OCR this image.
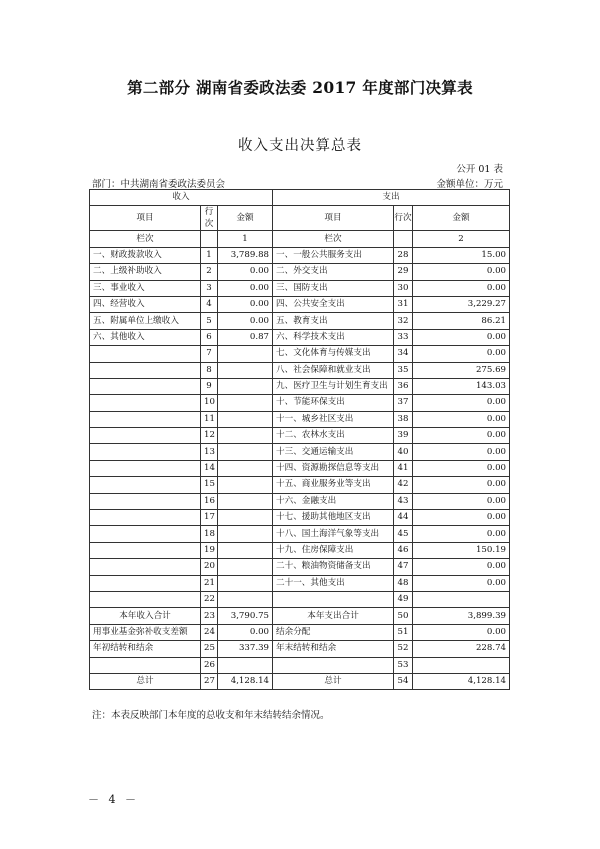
第二部分 湖南省委政法委 2017 年度部门决算表
收入支出决算总表
公开 01 表
部门：中共湖南省委政法委员会	金额单位：万元
收入			支出		
项目	行次	金额	项目	行次	金额
栏次		1	栏次		2
一、财政拨款收入	1	3,789.88	一、一般公共服务支出	28	15.00
二、上级补助收入	2	0.00	二、外交支出	29	0.00
三、事业收入	3	0.00	三、国防支出	30	0.00
四、经营收入	4	0.00	四、公共安全支出	31	3,229.27
五、附属单位上缴收入	5	0.00	五、教育支出	32	86.21
六、其他收入	6	0.87	六、科学技术支出	33	0.00
	7		七、文化体育与传媒支出	34	0.00
	8		八、社会保障和就业支出	35	275.69
	9		九、医疗卫生与计划生育支出	36	143.03
	10		十、节能环保支出	37	0.00
	11		十一、城乡社区支出	38	0.00
	12		十二、农林水支出	39	0.00
	13		十三、交通运输支出	40	0.00
	14		十四、资源勘探信息等支出	41	0.00
	15		十五、商业服务业等支出	42	0.00
	16		十六、金融支出	43	0.00
	17		十七、援助其他地区支出	44	0.00
	18		十八、国土海洋气象等支出	45	0.00
	19		十九、住房保障支出	46	150.19
	20		二十、粮油物资储备支出	47	0.00
	21		二十一、其他支出	48	0.00
	22			49	
本年收入合计	23	3,790.75	本年支出合计	50	3,899.39
用事业基金弥补收支差额	24	0.00	结余分配	51	0.00
年初结转和结余	25	337.39	年末结转和结余	52	228.74
	26			53	
总计	27	4,128.14	总计	54	4,128.14
注：本表反映部门本年度的总收支和年末结转结余情况。
－ 4 －
